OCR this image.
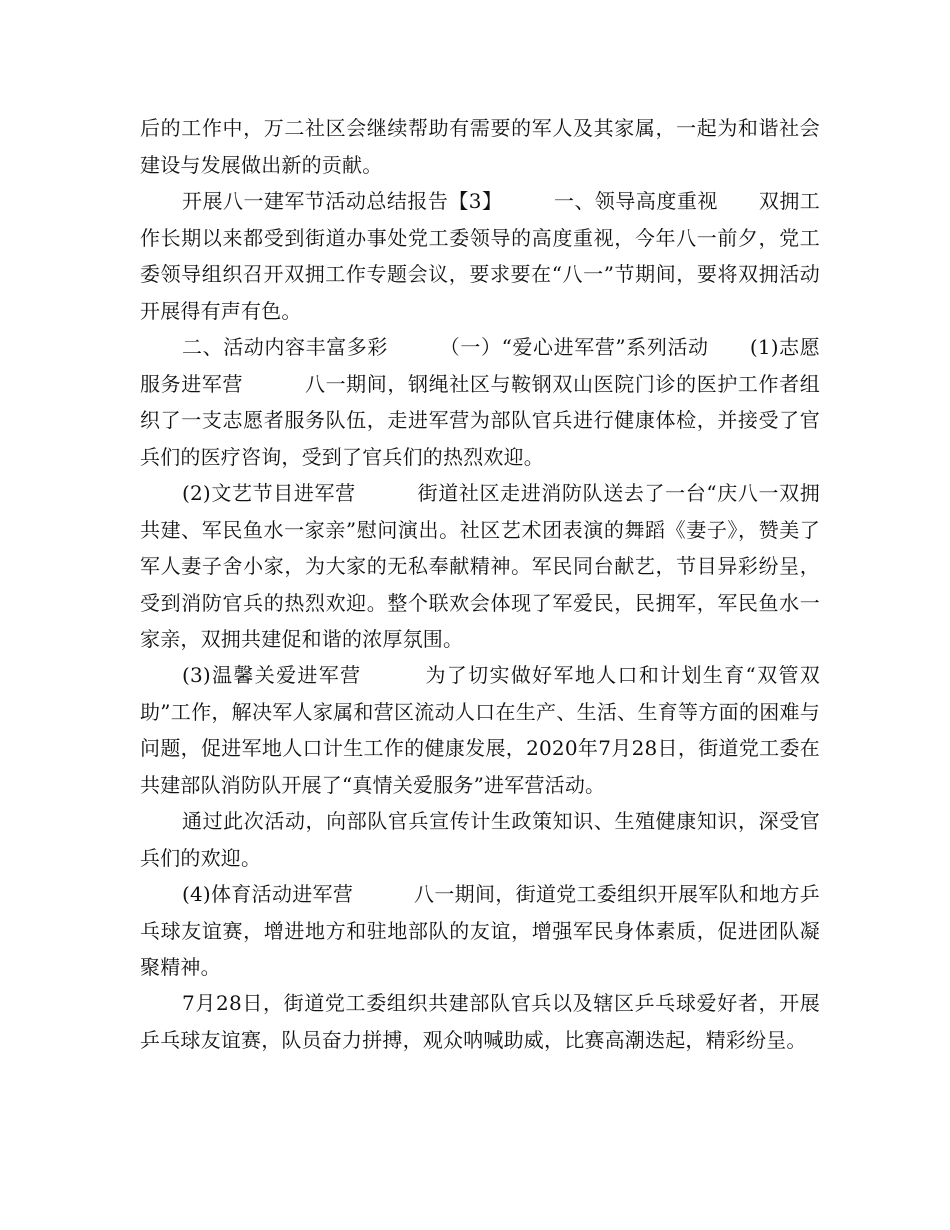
后的工作中，万二社区会继续帮助有需要的军人及其家属，一起为和谐社会建设与发展做出新的贡献。

开展八一建军节活动总结报告【3】　　　一、领导高度重视　　双拥工作长期以来都受到街道办事处党工委领导的高度重视，今年八一前夕，党工委领导组织召开双拥工作专题会议，要求要在“八一”节期间，要将双拥活动开展得有声有色。

二、活动内容丰富多彩　　　（一）“爱心进军营”系列活动　　(1)志愿服务进军营　　　八一期间，钢绳社区与鞍钢双山医院门诊的医护工作者组织了一支志愿者服务队伍，走进军营为部队官兵进行健康体检，并接受了官兵们的医疗咨询，受到了官兵们的热烈欢迎。

(2)文艺节目进军营　　　街道社区走进消防队送去了一台“庆八一双拥共建、军民鱼水一家亲”慰问演出。社区艺术团表演的舞蹈《妻子》，赞美了军人妻子舍小家，为大家的无私奉献精神。军民同台献艺，节目异彩纷呈，受到消防官兵的热烈欢迎。整个联欢会体现了军爱民，民拥军，军民鱼水一家亲，双拥共建促和谐的浓厚氛围。

(3)温馨关爱进军营　　　为了切实做好军地人口和计划生育“双管双助”工作，解决军人家属和营区流动人口在生产、生活、生育等方面的困难与问题，促进军地人口计生工作的健康发展，2020年7月28日，街道党工委在共建部队消防队开展了“真情关爱服务”进军营活动。

通过此次活动，向部队官兵宣传计生政策知识、生殖健康知识，深受官兵们的欢迎。

(4)体育活动进军营　　　八一期间，街道党工委组织开展军队和地方乒乓球友谊赛，增进地方和驻地部队的友谊，增强军民身体素质，促进团队凝聚精神。

7月28日，街道党工委组织共建部队官兵以及辖区乒乓球爱好者，开展乒乓球友谊赛，队员奋力拼搏，观众呐喊助威，比赛高潮迭起，精彩纷呈。
